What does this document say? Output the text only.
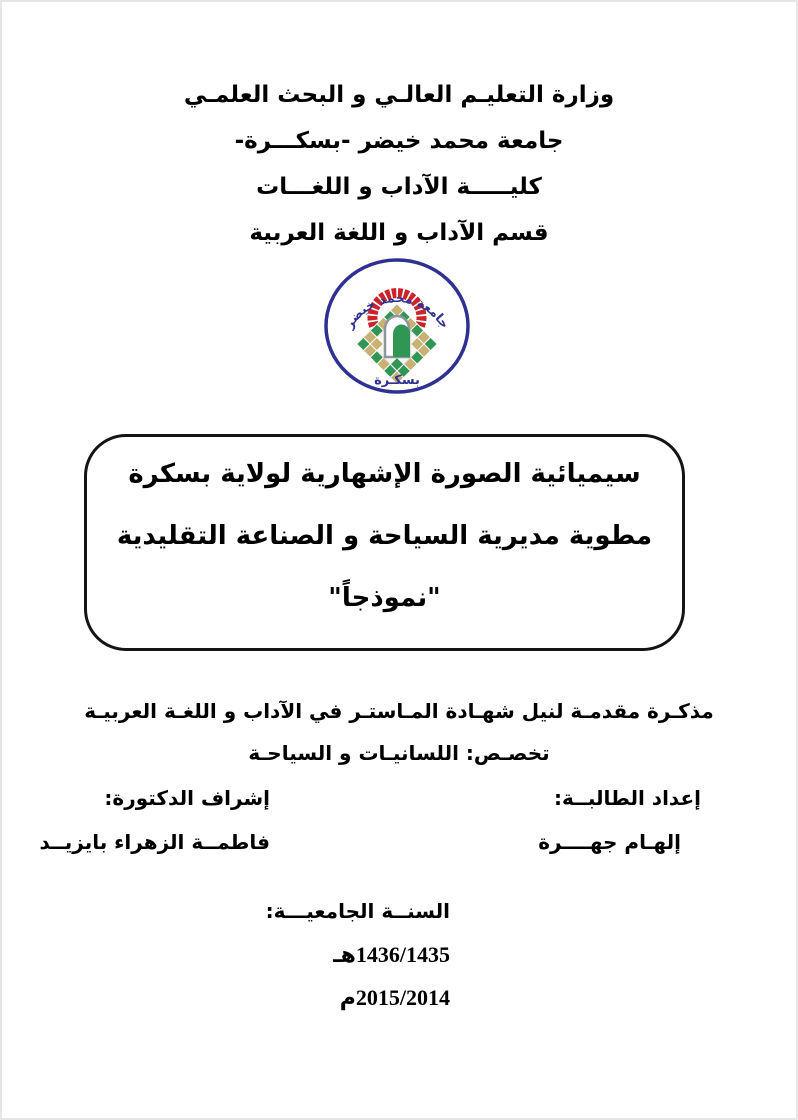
وزارة التعليـم العالـي و البحث العلمـي
جامعة محمد خيضر -بسكـــرة-
كليـــــة الآداب و اللغـــات
قسم الآداب و اللغة العربية
جامعة محمد خيضر
بسكـرة
سيميائية الصورة الإشهارية لولاية بسكرة
مطوية مديرية السياحة و الصناعة التقليدية "نموذجاً"
مذكـرة مقدمـة لنيل شهـادة المـاستـر في الآداب و اللغـة العربيـة
تخصـص: اللسانيـات و السياحـة
إعداد الطالبــة:
إلهـام جهــــرة
إشراف الدكتورة:
فاطمــة الزهراء بايزيــد
السنــة الجامعيـــة:
1436/1435هـ
2015/2014م
